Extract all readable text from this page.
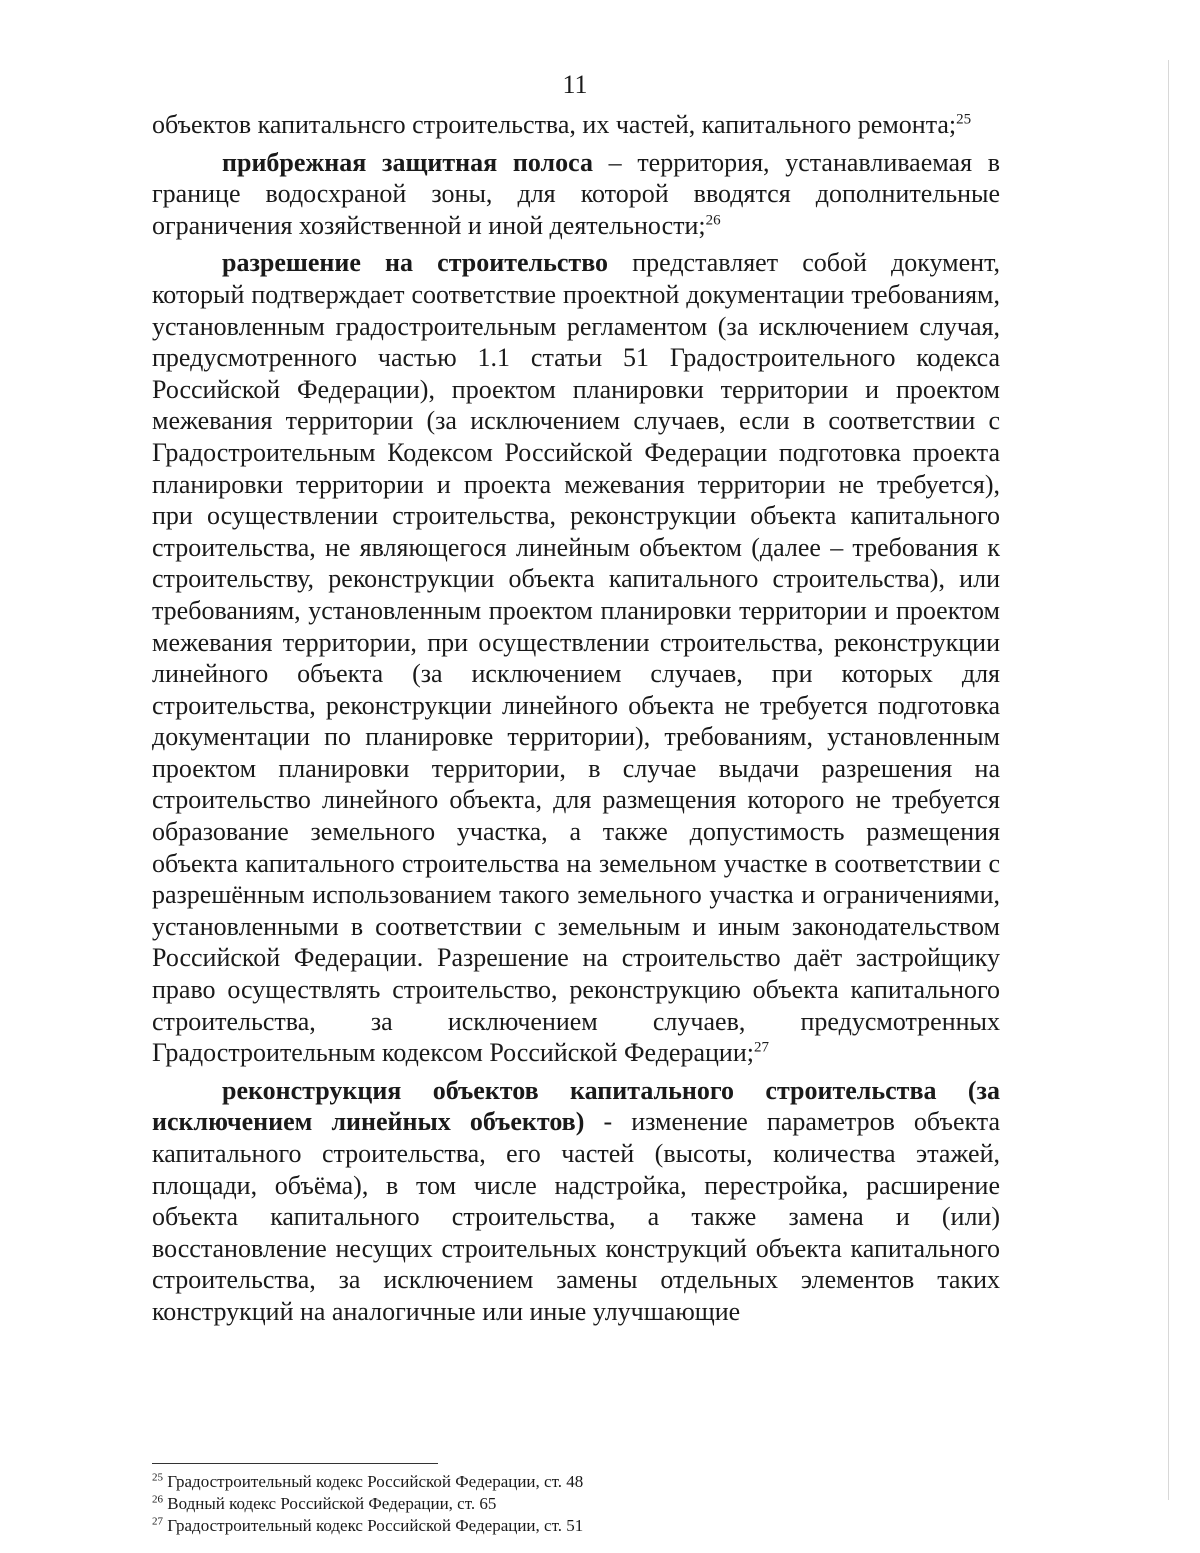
11

объектов капитальнсго строительства, их частей, капитального ремонта;$^{25}$

прибрежная защитная полоса – территория, устанавливаемая в границе водосхраной зоны, для которой вводятся дополнительные ограничения хозяйственной и иной деятельности;$^{26}$

разрешение на строительство представляет собой документ, который подтверждает соответствие проектной документации требованиям, установленным градостроительным регламентом (за исключением случая, предусмотренного частью 1.1 статьи 51 Градостроительного кодекса Российской Федерации), проектом планировки территории и проектом межевания территории (за исключением случаев, если в соответствии с Градостроительным Кодексом Российской Федерации подготовка проекта планировки территории и проекта межевания территории не требуется), при осуществлении строительства, реконструкции объекта капитального строительства, не являющегося линейным объектом (далее – требования к строительству, реконструкции объекта капитального строительства), или требованиям, установленным проектом планировки территории и проектом межевания территории, при осуществлении строительства, реконструкции линейного объекта (за исключением случаев, при которых для строительства, реконструкции линейного объекта не требуется подготовка документации по планировке территории), требованиям, установленным проектом планировки территории, в случае выдачи разрешения на строительство линейного объекта, для размещения которого не требуется образование земельного участка, а также допустимость размещения объекта капитального строительства на земельном участке в соответствии с разрешённым использованием такого земельного участка и ограничениями, установленными в соответствии с земельным и иным законодательством Российской Федерации. Разрешение на строительство даёт застройщику право осуществлять строительство, реконструкцию объекта капитального строительства, за исключением случаев, предусмотренных Градостроительным кодексом Российской Федерации;$^{27}$

реконструкция объектов капитального строительства (за исключением линейных объектов) - изменение параметров объекта капитального строительства, его частей (высоты, количества этажей, площади, объёма), в том числе надстройка, перестройка, расширение объекта капитального строительства, а также замена и (или) восстановление несущих строительных конструкций объекта капитального строительства, за исключением замены отдельных элементов таких конструкций на аналогичные или иные улучшающие

$^{25}$ Градостроительный кодекс Российской Федерации, ст. 48

$^{26}$ Водный кодекс Российской Федерации, ст. 65

$^{27}$ Градостроительный кодекс Российской Федерации, ст. 51
